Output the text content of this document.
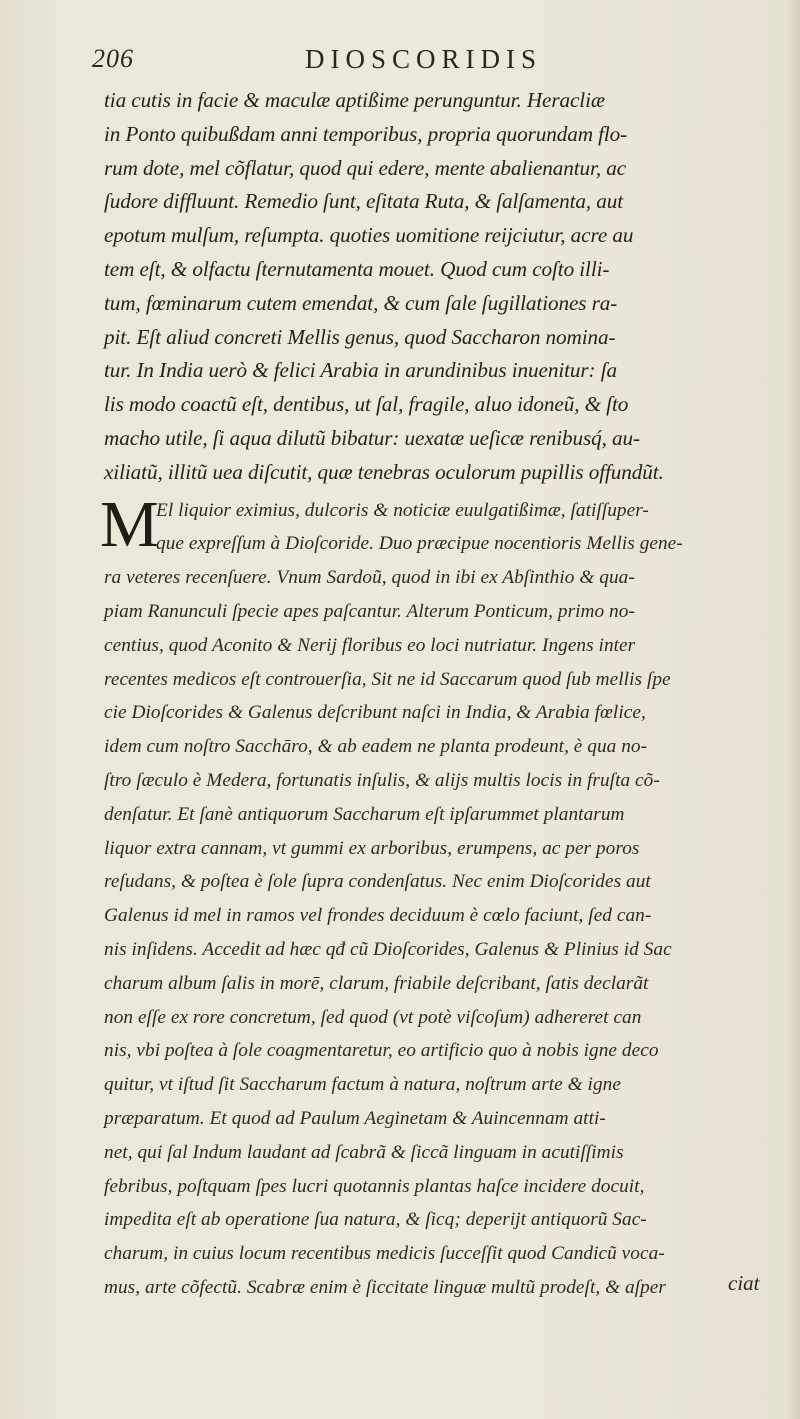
206	DIOSCORIDIS
tia cutis in facie & maculæ aptißime perunguntur. Heracliæ
in Ponto quibußdam anni temporibus, propria quorundam flo-
rum dote, mel cõflatur, quod qui edere, mente abalienantur, ac
ſudore diffluunt. Remedio ſunt, eſitata Ruta, & ſalſamenta, aut
epotum mulſum, reſumpta. quoties uomitione reijciutur, acre au
tem eſt, & olfactu ſternutamenta mouet. Quod cum coſto illi-
tum, fœminarum cutem emendat, & cum ſale ſugillationes ra-
pit. Eſt aliud concreti Mellis genus, quod Saccharon nomina-
tur. In India uerò & felici Arabia in arundinibus inuenitur: ſa
lis modo coactũ eſt, dentibus, ut ſal, fragile, aluo idoneũ, & ſto
macho utile, ſi aqua dilutũ bibatur: uexatæ ueſicæ renibusq́, au-
xiliatũ, illitũ uea diſcutit, quæ tenebras oculorum pupillis offundũt.
M
El liquior eximius, dulcoris & noticiæ euulgatißimæ, ſatiſſuper-
que expreſſum à Dioſcoride. Duo præcipue nocentioris Mellis gene-
ra veteres recenſuere. Vnum Sardoũ, quod in ibi ex Abſinthio & qua-
piam Ranunculi ſpecie apes paſcantur. Alterum Ponticum, primo no-
centius, quod Aconito & Nerij floribus eo loci nutriatur. Ingens inter
recentes medicos eſt controuerſia, Sit ne id Saccarum quod ſub mellis ſpe
cie Dioſcorides & Galenus deſcribunt naſci in India, & Arabia fœlice,
idem cum noſtro Sacchāro, & ab eadem ne planta prodeunt, è qua no-
ſtro ſæculo è Medera, fortunatis inſulis, & alijs multis locis in fruſta cõ-
denſatur. Et ſanè antiquorum Saccharum eſt ipſarummet plantarum
liquor extra cannam, vt gummi ex arboribus, erumpens, ac per poros
reſudans, & poſtea è ſole ſupra condenſatus. Nec enim Dioſcorides aut
Galenus id mel in ramos vel frondes deciduum è cœlo faciunt, ſed can-
nis inſidens. Accedit ad hæc qđ cũ Dioſcorides, Galenus & Plinius id Sac
charum album ſalis in morē, clarum, friabile deſcribant, ſatis declarãt
non eſſe ex rore concretum, ſed quod (vt potè viſcoſum) adhereret can
nis, vbi poſtea à ſole coagmentaretur, eo artificio quo à nobis igne deco
quitur, vt iſtud ſit Saccharum factum à natura, noſtrum arte & igne
præparatum. Et quod ad Paulum Aeginetam & Auincennam atti-
net, qui ſal Indum laudant ad ſcabrã & ſiccã linguam in acutiſſimis
febribus, poſtquam ſpes lucri quotannis plantas haſce incidere docuit,
impedita eſt ab operatione ſua natura, & ſicq; deperijt antiquorũ Sac-
charum, in cuius locum recentibus medicis ſucceſſit quod Candicũ voca-
mus, arte cõfectũ. Scabræ enim è ſiccitate linguæ multũ prodeſt, & aſper	ciat
